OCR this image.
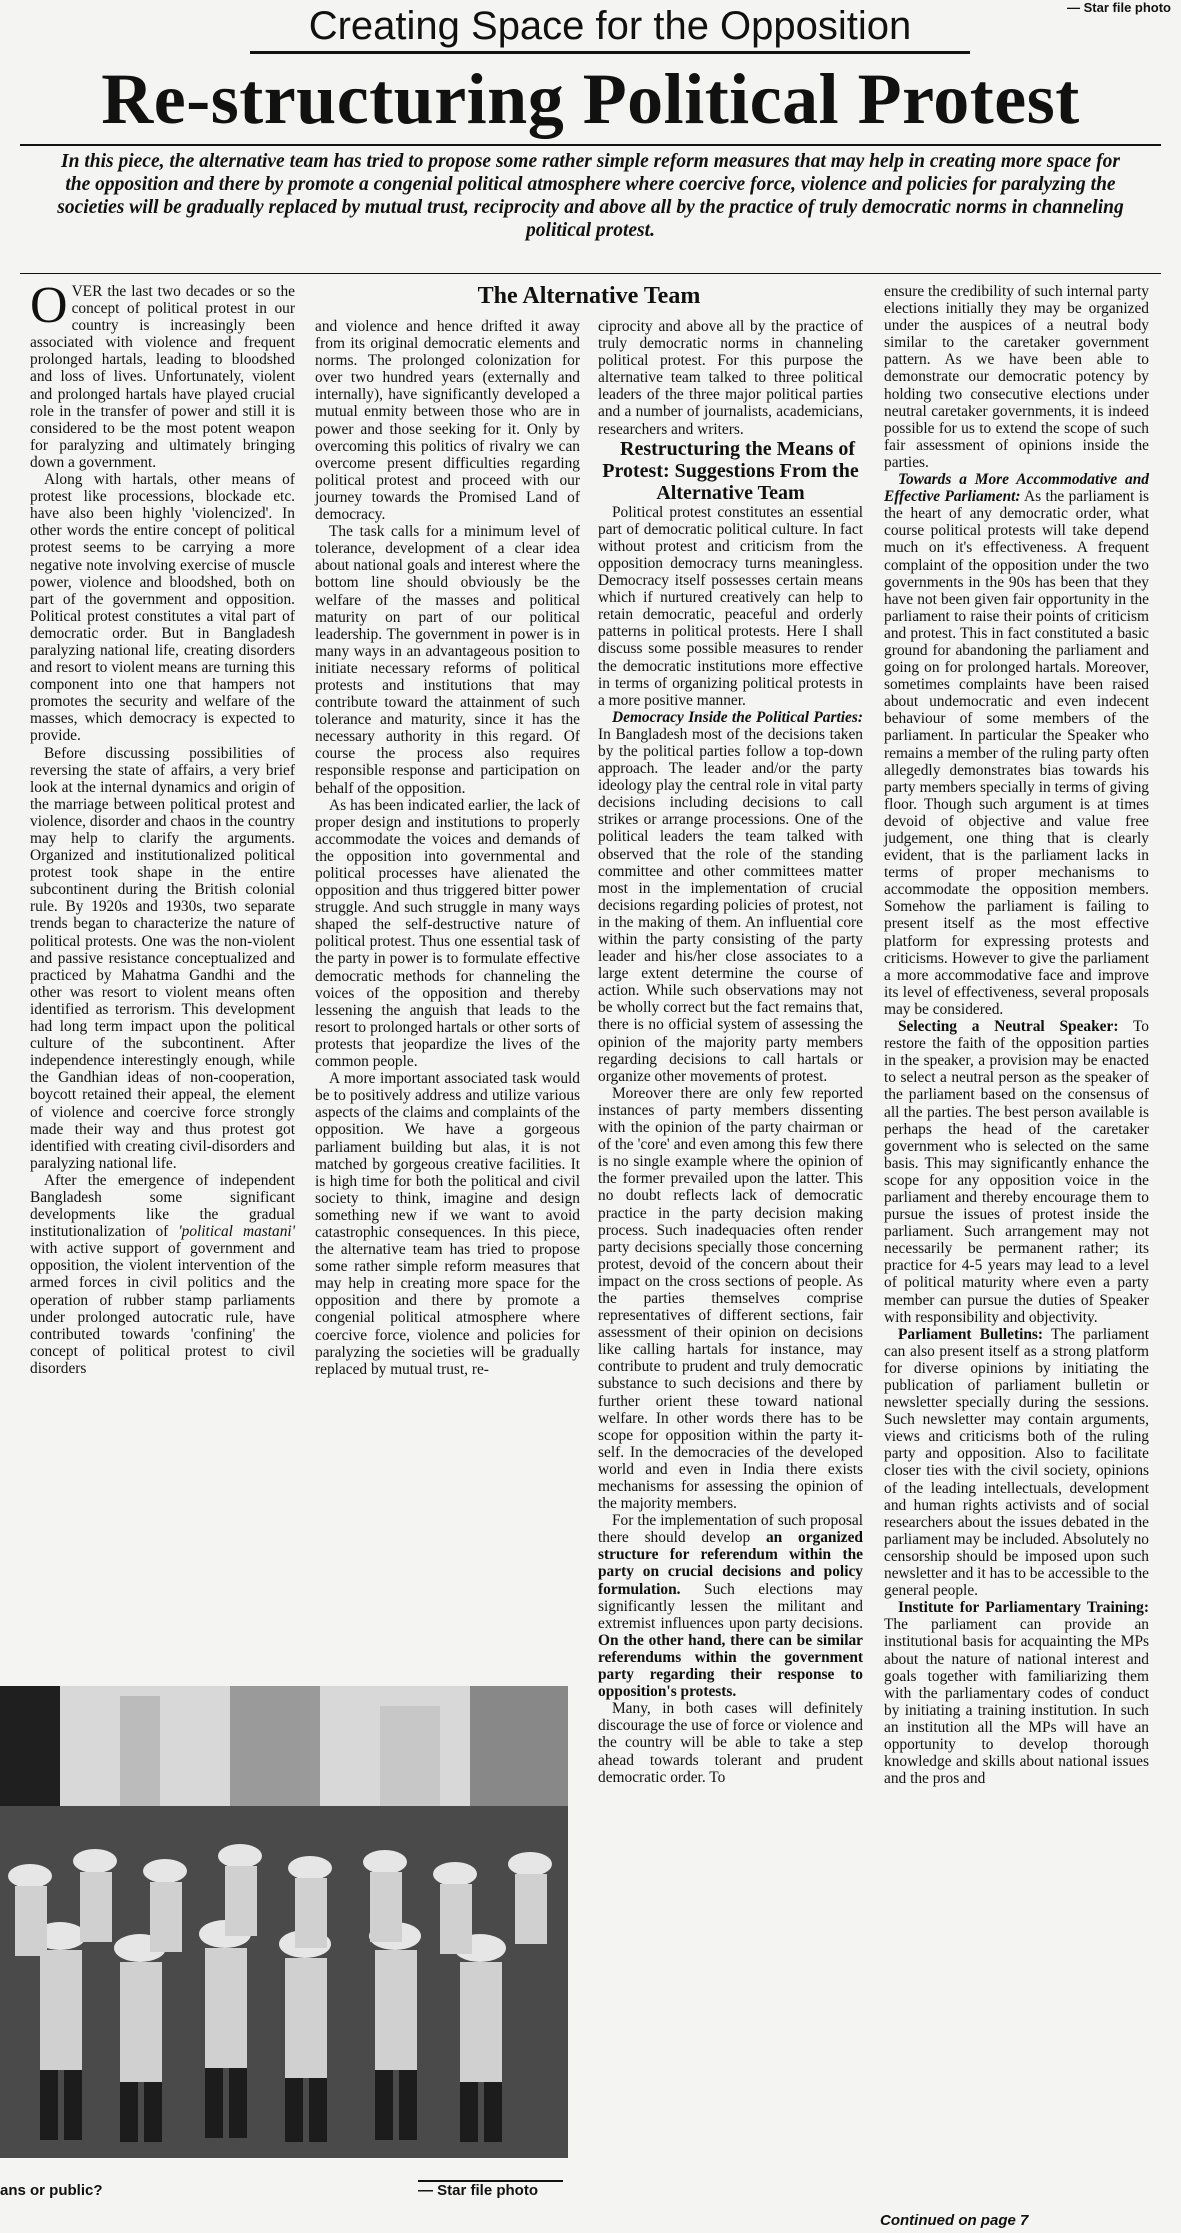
— Star file photo
Creating Space for the Opposition
Re-structuring Political Protest
In this piece, the alternative team has tried to propose some rather simple reform measures that may help in creating more space for the opposition and there by promote a congenial political atmosphere where coercive force, violence and policies for paralyzing the societies will be gradually replaced by mutual trust, reciprocity and above all by the practice of truly democratic norms in channeling political protest.
The Alternative Team

OVER the last two decades or so the concept of political protest in our country is increasingly been associated with violence and frequent prolonged hartals, leading to bloodshed and loss of lives. Unfortunately, violent and prolonged hartals have played crucial role in the transfer of power and still it is considered to be the most potent weapon for paralyzing and ultimately bringing down a government.

Along with hartals, other means of protest like processions, blockade etc. have also been highly 'violencized'. In other words the entire concept of political protest seems to be carrying a more negative note involving exercise of muscle power, violence and bloodshed, both on part of the government and opposition. Political protest constitutes a vital part of democratic order. But in Bangladesh paralyzing national life, creating disorders and resort to violent means are turning this component into one that hampers not promotes the security and welfare of the masses, which democracy is expected to provide.

Before discussing possibilities of reversing the state of affairs, a very brief look at the internal dynamics and origin of the marriage between political protest and violence, disorder and chaos in the country may help to clarify the arguments. Organized and institutionalized political protest took shape in the entire subcontinent during the British colonial rule. By 1920s and 1930s, two separate trends began to characterize the nature of political protests. One was the non-violent and passive resistance conceptualized and practiced by Mahatma Gandhi and the other was resort to violent means often identified as terrorism. This development had long term impact upon the political culture of the subcontinent. After independence interestingly enough, while the Gandhian ideas of non-cooperation, boycott retained their appeal, the element of violence and coercive force strongly made their way and thus protest got identified with creating civil-disorders and paralyzing national life.

After the emergence of independent Bangladesh some significant developments like the gradual institutionalization of 'political mastani' with active support of government and opposition, the violent intervention of the armed forces in civil politics and the operation of rubber stamp parliaments under prolonged autocratic rule, have contributed towards 'confining' the concept of political protest to civil disorders

and violence and hence drifted it away from its original democratic elements and norms. The prolonged colonization for over two hundred years (externally and internally), have significantly developed a mutual enmity between those who are in power and those seeking for it. Only by overcoming this politics of rivalry we can overcome present difficulties regarding political protest and proceed with our journey towards the Promised Land of democracy.

The task calls for a minimum level of tolerance, development of a clear idea about national goals and interest where the bottom line should obviously be the welfare of the masses and political maturity on part of our political leadership. The government in power is in many ways in an advantageous position to initiate necessary reforms of political protests and institutions that may contribute toward the attainment of such tolerance and maturity, since it has the necessary authority in this regard. Of course the process also requires responsible response and participation on behalf of the opposition.

As has been indicated earlier, the lack of proper design and institutions to properly accommodate the voices and demands of the opposition into governmental and political processes have alienated the opposition and thus triggered bitter power struggle. And such struggle in many ways shaped the self-destructive nature of political protest. Thus one essential task of the party in power is to formulate effective democratic methods for channeling the voices of the opposition and thereby lessening the anguish that leads to the resort to prolonged hartals or other sorts of protests that jeopardize the lives of the common people.

A more important associated task would be to positively address and utilize various aspects of the claims and complaints of the opposition. We have a gorgeous parliament building but alas, it is not matched by gorgeous creative facilities. It is high time for both the political and civil society to think, imagine and design something new if we want to avoid catastrophic consequences. In this piece, the alternative team has tried to propose some rather simple reform measures that may help in creating more space for the opposition and there by promote a congenial political atmosphere where coercive force, violence and policies for paralyzing the societies will be gradually replaced by mutual trust, re-

ciprocity and above all by the practice of truly democratic norms in channeling political protest. For this purpose the alternative team talked to three political leaders of the three major political parties and a number of journalists, academicians, researchers and writers.

Restructuring the Means of Protest: Suggestions From the Alternative Team

Political protest constitutes an essential part of democratic political culture. In fact without protest and criticism from the opposition democracy turns meaningless. Democracy itself possesses certain means which if nurtured creatively can help to retain democratic, peaceful and orderly patterns in political protests. Here I shall discuss some possible measures to render the democratic institutions more effective in terms of organizing political protests in a more positive manner.

Democracy Inside the Political Parties: In Bangladesh most of the decisions taken by the political parties follow a top-down approach. The leader and/or the party ideology play the central role in vital party decisions including decisions to call strikes or arrange processions. One of the political leaders the team talked with observed that the role of the standing committee and other committees matter most in the implementation of crucial decisions regarding policies of protest, not in the making of them. An influential core within the party consisting of the party leader and his/her close associates to a large extent determine the course of action. While such observations may not be wholly correct but the fact remains that, there is no official system of assessing the opinion of the majority party members regarding decisions to call hartals or organize other movements of protest.

Moreover there are only few reported instances of party members dissenting with the opinion of the party chairman or of the 'core' and even among this few there is no single example where the opinion of the former prevailed upon the latter. This no doubt reflects lack of democratic practice in the party decision making process. Such inadequacies often render party decisions specially those concerning protest, devoid of the concern about their impact on the cross sections of people. As the parties themselves comprise representatives of different sections, fair assessment of their opinion on decisions like calling hartals for instance, may contribute to prudent and truly democratic substance to such decisions and there by further orient these toward national welfare. In other words there has to be scope for opposition within the party it-self. In the democracies of the developed world and even in India there exists mechanisms for assessing the opinion of the majority members.

For the implementation of such proposal there should develop an organized structure for referendum within the party on crucial decisions and policy formulation. Such elections may significantly lessen the militant and extremist influences upon party decisions. On the other hand, there can be similar referendums within the government party regarding their response to opposition's protests.

Many, in both cases will definitely discourage the use of force or violence and the country will be able to take a step ahead towards tolerant and prudent democratic order. To

ensure the credibility of such internal party elections initially they may be organized under the auspices of a neutral body similar to the caretaker government pattern. As we have been able to demonstrate our democratic potency by holding two consecutive elections under neutral caretaker governments, it is indeed possible for us to extend the scope of such fair assessment of opinions inside the parties.

Towards a More Accommodative and Effective Parliament: As the parliament is the heart of any democratic order, what course political protests will take depend much on it's effectiveness. A frequent complaint of the opposition under the two governments in the 90s has been that they have not been given fair opportunity in the parliament to raise their points of criticism and protest. This in fact constituted a basic ground for abandoning the parliament and going on for prolonged hartals. Moreover, sometimes complaints have been raised about undemocratic and even indecent behaviour of some members of the parliament. In particular the Speaker who remains a member of the ruling party often allegedly demonstrates bias towards his party members specially in terms of giving floor. Though such argument is at times devoid of objective and value free judgement, one thing that is clearly evident, that is the parliament lacks in terms of proper mechanisms to accommodate the opposition members. Somehow the parliament is failing to present itself as the most effective platform for expressing protests and criticisms. However to give the parliament a more accommodative face and improve its level of effectiveness, several proposals may be considered.

Selecting a Neutral Speaker: To restore the faith of the opposition parties in the speaker, a provision may be enacted to select a neutral person as the speaker of the parliament based on the consensus of all the parties. The best person available is perhaps the head of the caretaker government who is selected on the same basis. This may significantly enhance the scope for any opposition voice in the parliament and thereby encourage them to pursue the issues of protest inside the parliament. Such arrangement may not necessarily be permanent rather; its practice for 4-5 years may lead to a level of political maturity where even a party member can pursue the duties of Speaker with responsibility and objectivity.

Parliament Bulletins: The parliament can also present itself as a strong platform for diverse opinions by initiating the publication of parliament bulletin or newsletter specially during the sessions. Such newsletter may contain arguments, views and criticisms both of the ruling party and opposition. Also to facilitate closer ties with the civil society, opinions of the leading intellectuals, development and human rights activists and of social researchers about the issues debated in the parliament may be included. Absolutely no censorship should be imposed upon such newsletter and it has to be accessible to the general people.

Institute for Parliamentary Training: The parliament can provide an institutional basis for acquainting the MPs about the nature of national interest and goals together with familiarizing them with the parliamentary codes of conduct by initiating a training institution. In such an institution all the MPs will have an opportunity to develop thorough knowledge and skills about national issues and the pros and

ans or public?	— Star file photo
Continued on page 7
